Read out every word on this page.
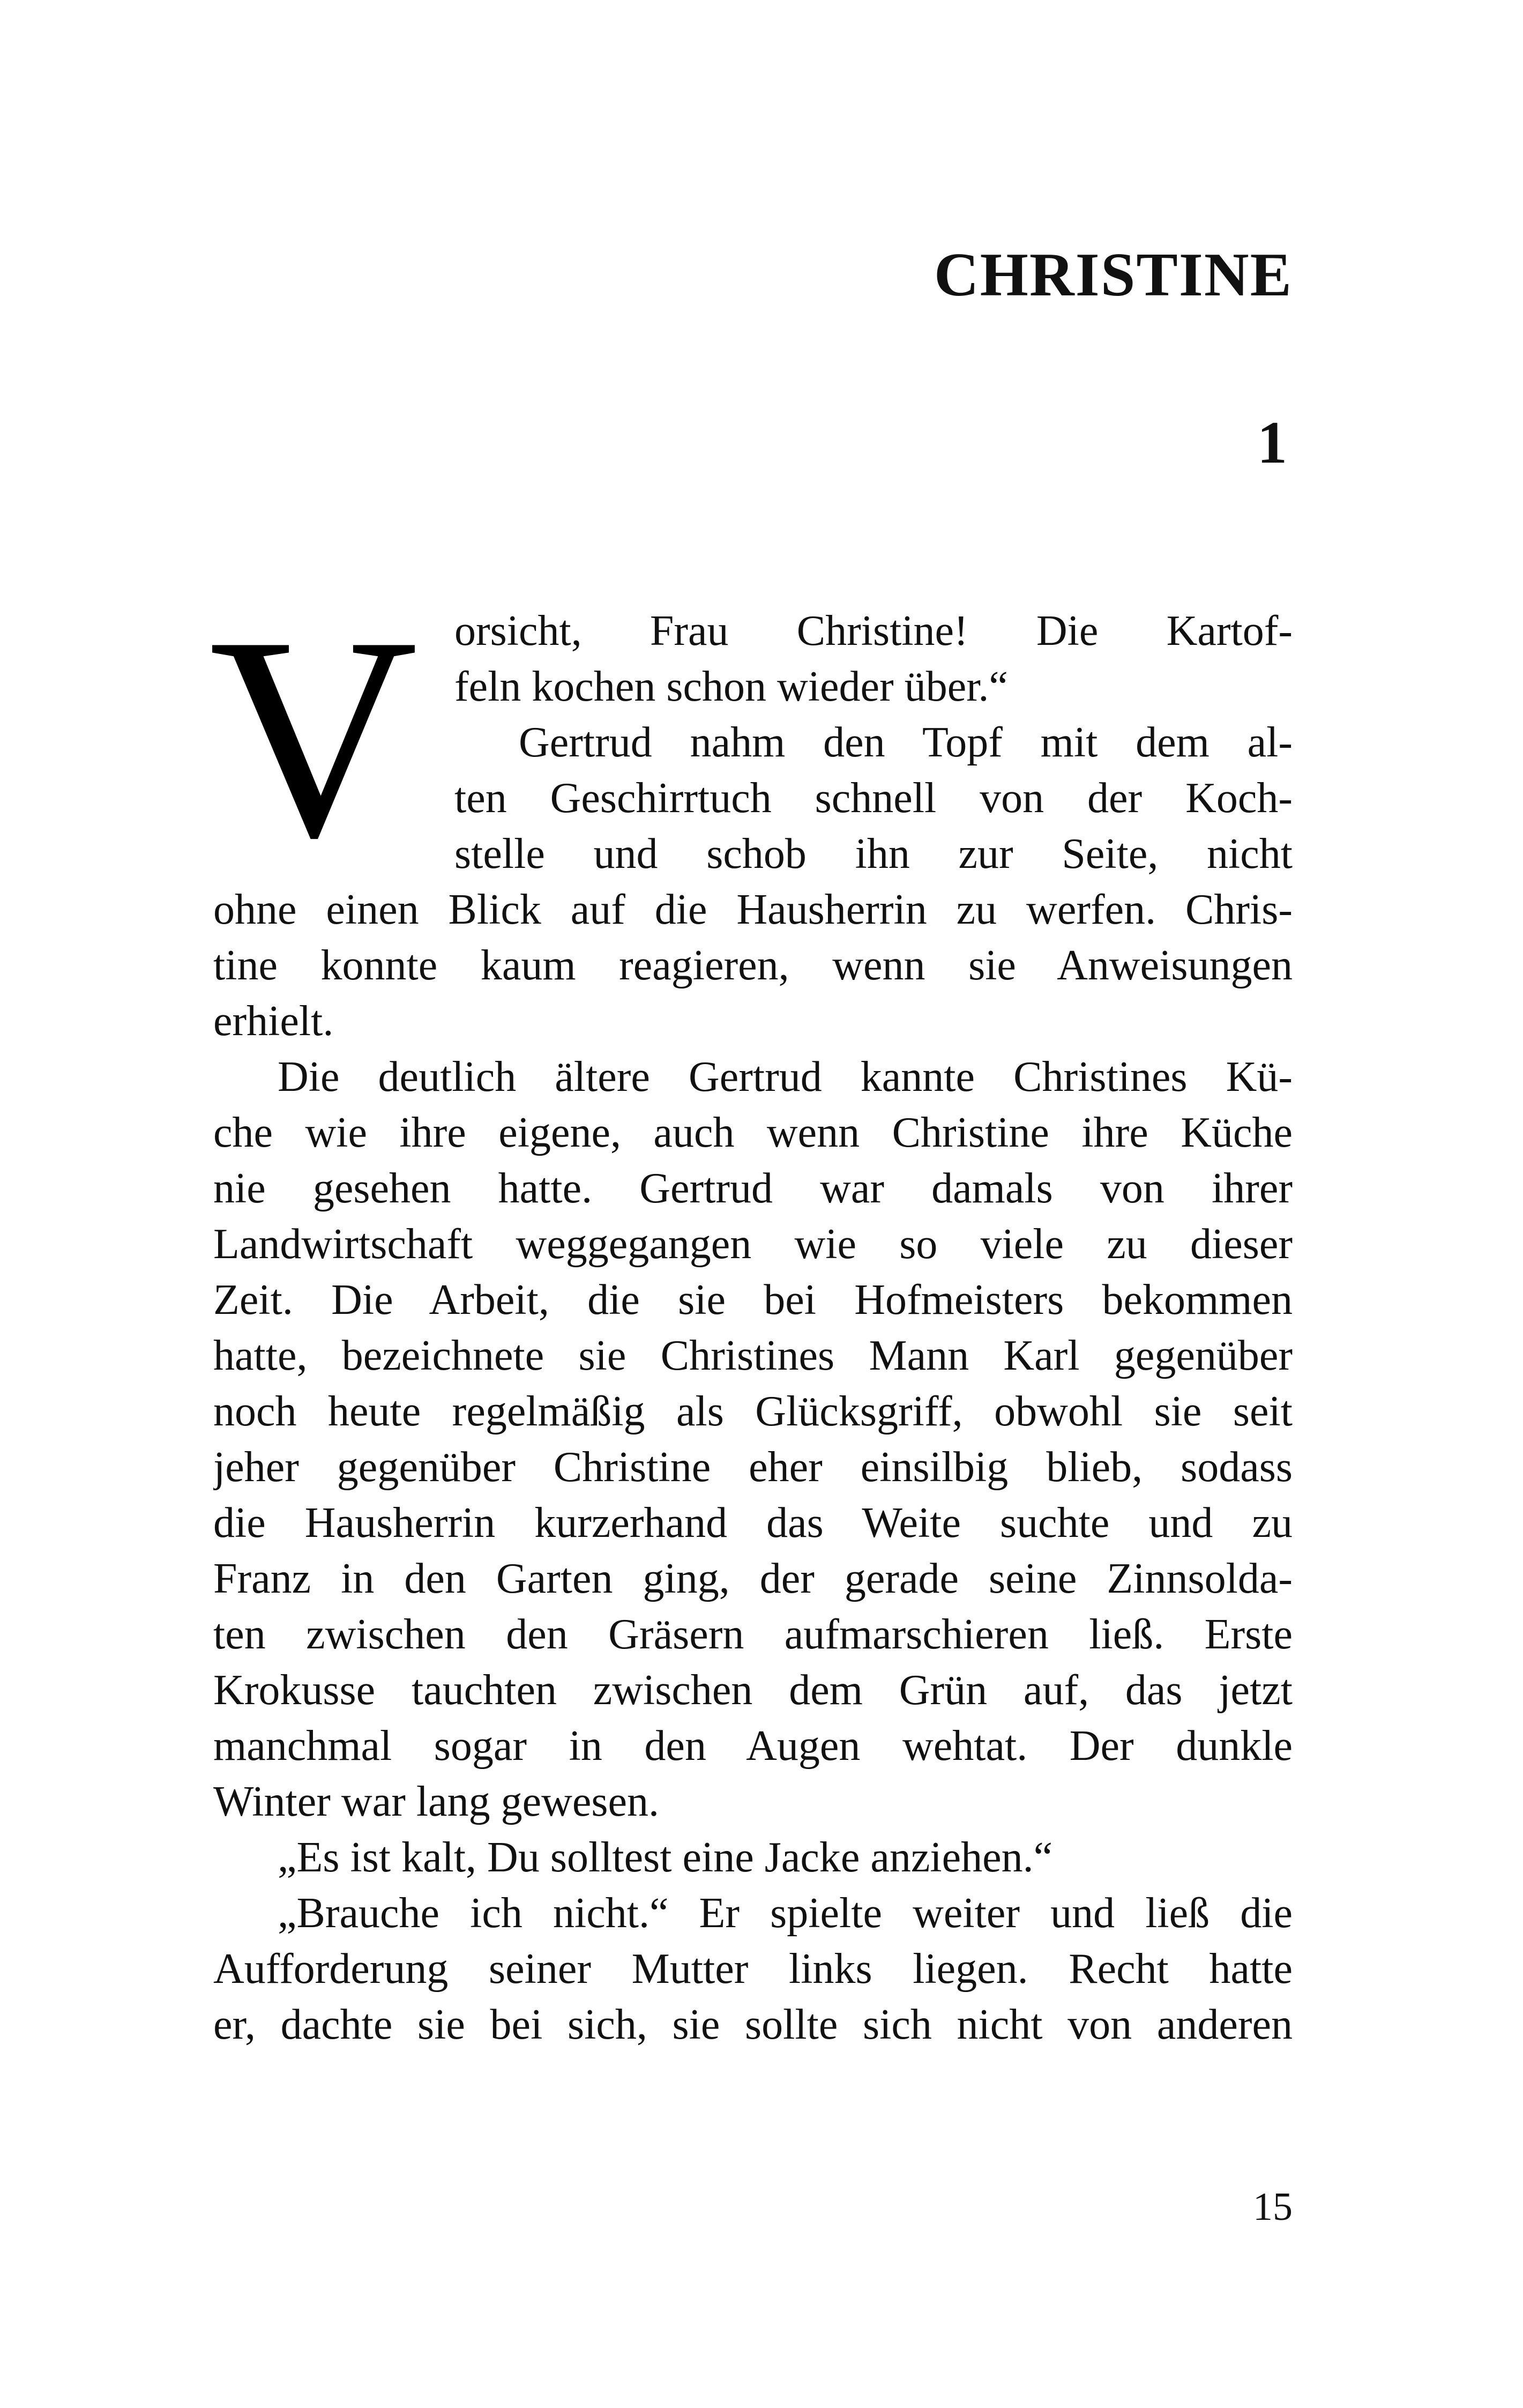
CHRISTINE
1
V orsicht, Frau Christine! Die Kartof-
feln kochen schon wieder über.“
Gertrud nahm den Topf mit dem al-
ten Geschirrtuch schnell von der Koch-
stelle und schob ihn zur Seite, nicht
ohne einen Blick auf die Hausherrin zu werfen. Chris-
tine konnte kaum reagieren, wenn sie Anweisungen
erhielt.
Die deutlich ältere Gertrud kannte Christines Kü-
che wie ihre eigene, auch wenn Christine ihre Küche
nie gesehen hatte. Gertrud war damals von ihrer
Landwirtschaft weggegangen wie so viele zu dieser
Zeit. Die Arbeit, die sie bei Hofmeisters bekommen
hatte, bezeichnete sie Christines Mann Karl gegenüber
noch heute regelmäßig als Glücksgriff, obwohl sie seit
jeher gegenüber Christine eher einsilbig blieb, sodass
die Hausherrin kurzerhand das Weite suchte und zu
Franz in den Garten ging, der gerade seine Zinnsolda-
ten zwischen den Gräsern aufmarschieren ließ. Erste
Krokusse tauchten zwischen dem Grün auf, das jetzt
manchmal sogar in den Augen wehtat. Der dunkle
Winter war lang gewesen.
„Es ist kalt, Du solltest eine Jacke anziehen.“
„Brauche ich nicht.“ Er spielte weiter und ließ die
Aufforderung seiner Mutter links liegen. Recht hatte
er, dachte sie bei sich, sie sollte sich nicht von anderen
15
